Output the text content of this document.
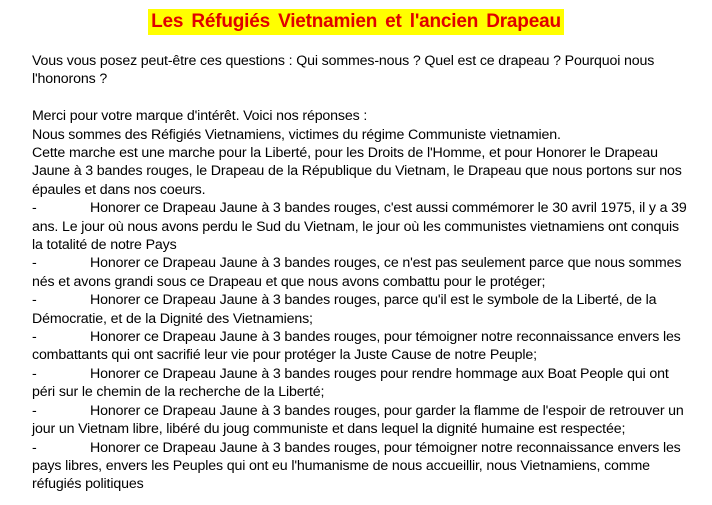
Les Réfugiés Vietnamien et l'ancien Drapeau

Vous vous posez peut-être ces questions : Qui sommes-nous ? Quel est ce drapeau ? Pourquoi nous l'honorons ?

Merci pour votre marque d'intérêt. Voici nos réponses :

Nous sommes des Réfigiés Vietnamiens, victimes du régime Communiste vietnamien.

Cette marche est une marche pour la Liberté, pour les Droits de l'Homme, et pour Honorer le Drapeau Jaune à 3 bandes rouges, le Drapeau de la République du Vietnam, le Drapeau que nous portons sur nos épaules et dans nos coeurs.

-	Honorer ce Drapeau Jaune à 3 bandes rouges, c'est aussi commémorer le 30 avril 1975, il y a 39 ans. Le jour où nous avons perdu le Sud du Vietnam, le jour où les communistes vietnamiens ont conquis la totalité de notre Pays

-	Honorer ce Drapeau Jaune à 3 bandes rouges, ce n'est pas seulement parce que nous sommes nés et avons grandi sous ce Drapeau et que nous avons combattu pour le protéger;

-	Honorer ce Drapeau Jaune à 3 bandes rouges, parce qu'il est le symbole de la Liberté, de la Démocratie, et de la Dignité des Vietnamiens;

-	Honorer ce Drapeau Jaune à 3 bandes rouges, pour témoigner notre reconnaissance envers les combattants qui ont sacrifié leur vie pour protéger la Juste Cause de notre Peuple;

-	Honorer ce Drapeau Jaune à 3 bandes rouges pour rendre hommage aux Boat People qui ont péri sur le chemin de la recherche de la Liberté;

-	Honorer ce Drapeau Jaune à 3 bandes rouges, pour garder la flamme de l'espoir de retrouver un jour un Vietnam libre, libéré du joug communiste et dans lequel la dignité humaine est respectée;

-	Honorer ce Drapeau Jaune à 3 bandes rouges, pour témoigner notre reconnaissance envers les pays libres, envers les Peuples qui ont eu l'humanisme de nous accueillir, nous Vietnamiens, comme réfugiés politiques
